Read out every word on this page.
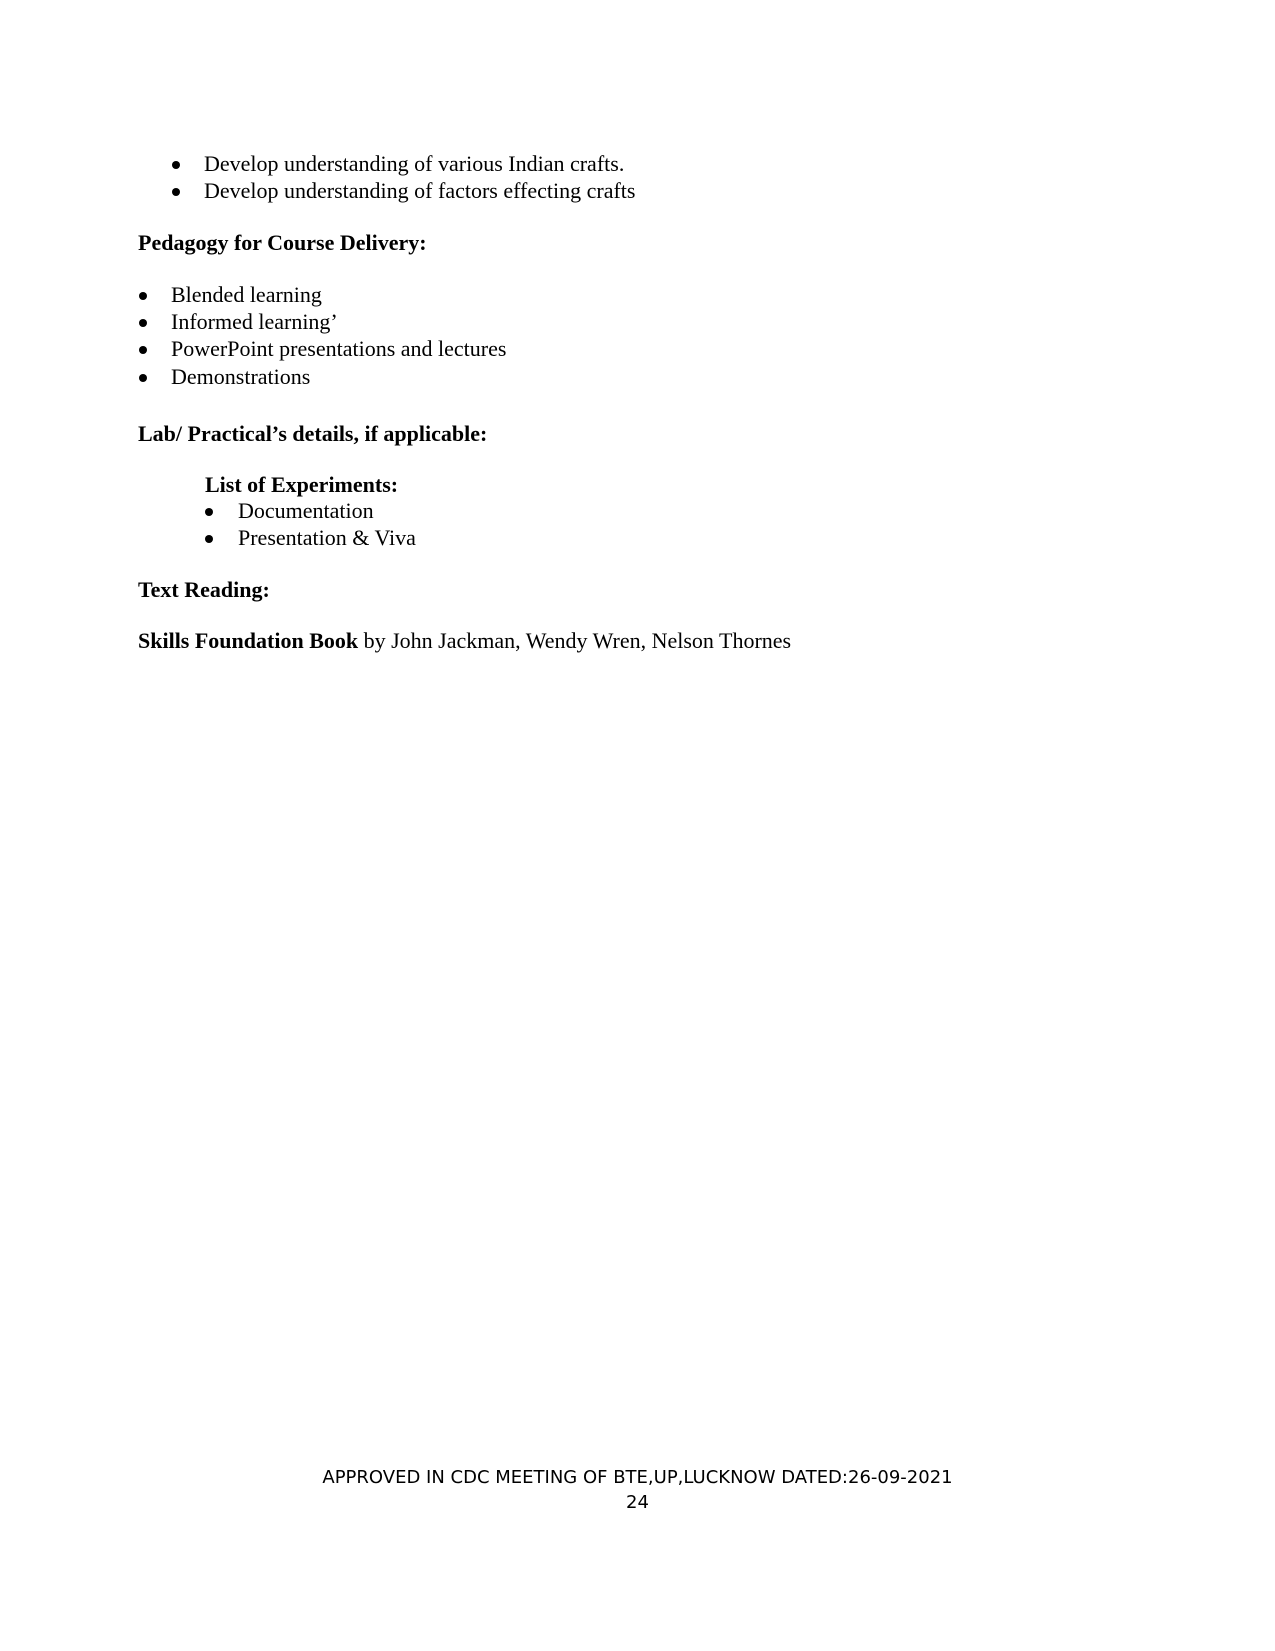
Develop understanding of various Indian crafts.
Develop understanding of factors effecting crafts
Pedagogy for Course Delivery:
Blended learning
Informed learning’
PowerPoint presentations and lectures
Demonstrations
Lab/ Practical’s details, if applicable:
List of Experiments:
Documentation
Presentation & Viva
Text Reading:
Skills Foundation Book by John Jackman, Wendy Wren, Nelson Thornes
APPROVED IN CDC MEETING OF BTE,UP,LUCKNOW DATED:26-09-2021
24
